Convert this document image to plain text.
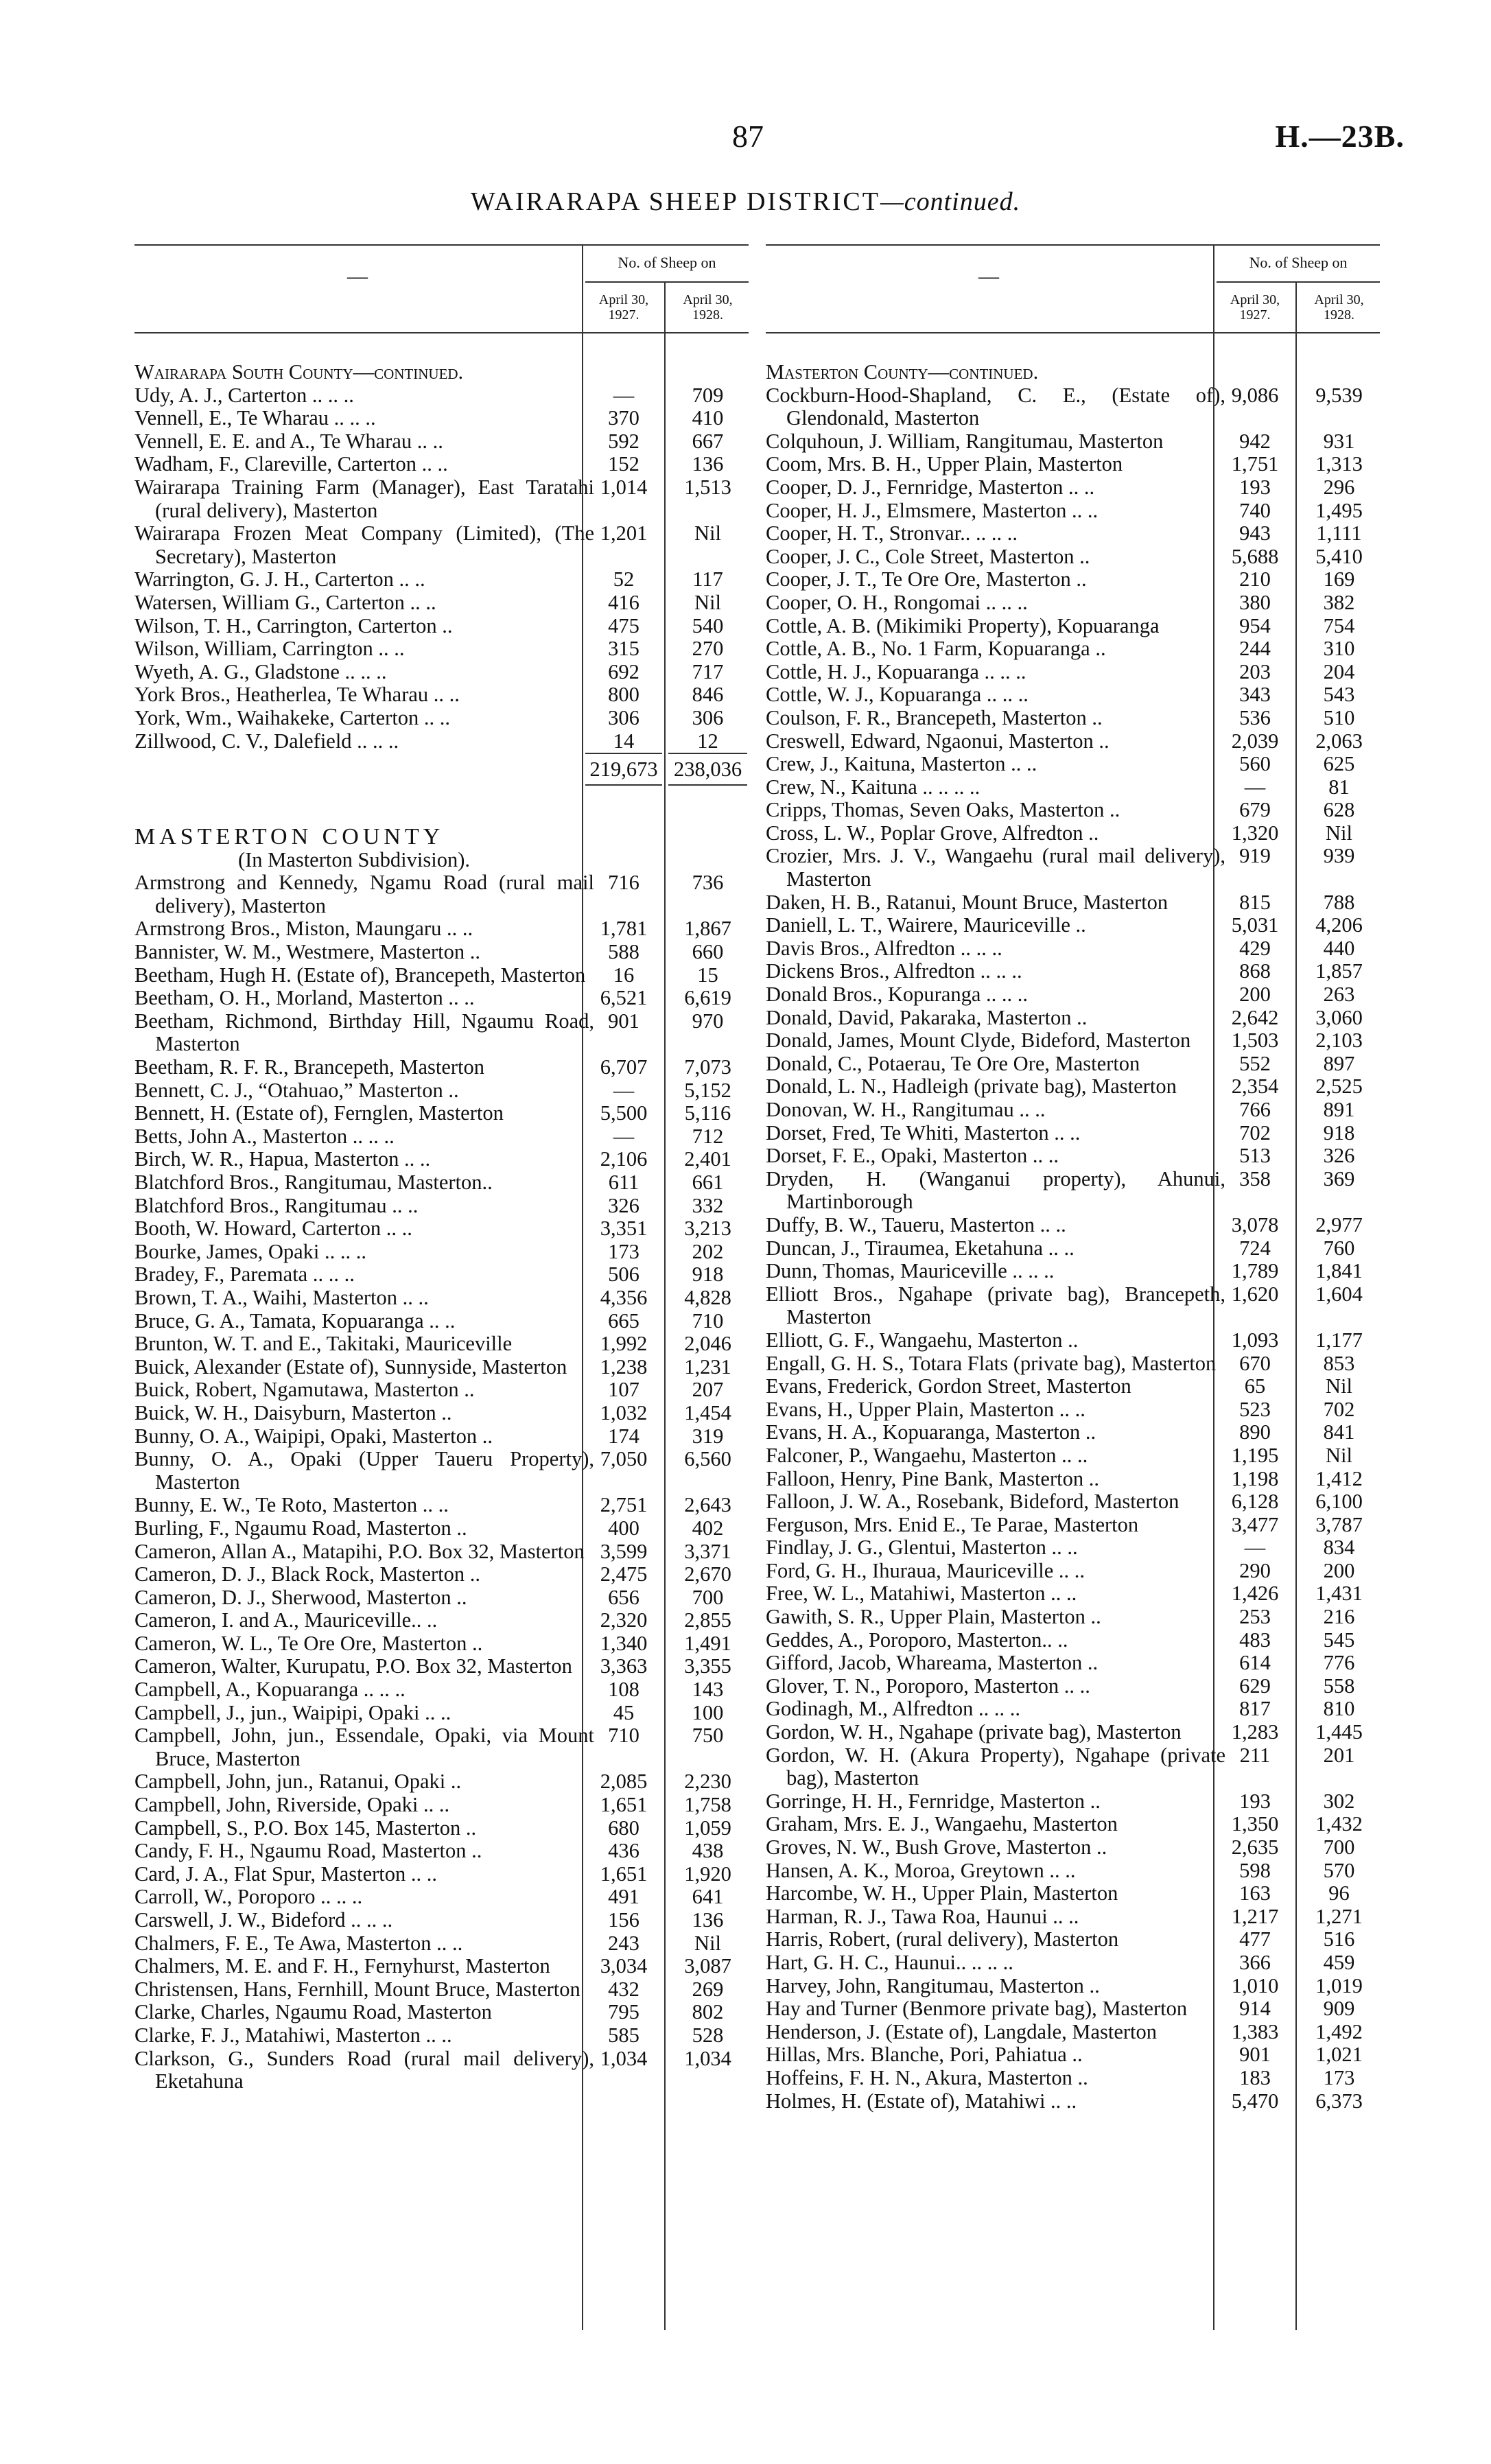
87	H.—23B.
WAIRARAPA SHEEP DISTRICT—continued.
—
No. of Sheep on
April 30, 1927.
April 30, 1928.
Wairarapa South County—continued.
Udy, A. J., Carterton .. .. ..	—	709
Vennell, E., Te Wharau .. .. ..	370	410
Vennell, E. E. and A., Te Wharau .. ..	592	667
Wadham, F., Clareville, Carterton .. ..	152	136
Wairarapa Training Farm (Manager), East Taratahi (rural delivery), Masterton
1,014	1,513
Wairarapa Frozen Meat Company (Limited), (The Secretary), Masterton
1,201	Nil
Warrington, G. J. H., Carterton .. ..	52	117
Watersen, William G., Carterton .. ..	416	Nil
Wilson, T. H., Carrington, Carterton ..	475	540
Wilson, William, Carrington .. ..	315	270
Wyeth, A. G., Gladstone .. .. ..	692	717
York Bros., Heatherlea, Te Wharau .. ..	800	846
York, Wm., Waihakeke, Carterton .. ..	306	306
Zillwood, C. V., Dalefield .. .. ..	14	12
219,673 238,036
MASTERTON COUNTY
(In Masterton Subdivision).
Armstrong and Kennedy, Ngamu Road (rural mail delivery), Masterton
716	736
Armstrong Bros., Miston, Maungaru .. ..	1,781	1,867
Bannister, W. M., Westmere, Masterton ..	588	660
Beetham, Hugh H. (Estate of), Brancepeth, Masterton	16	15
Beetham, O. H., Morland, Masterton .. ..	6,521	6,619
Beetham, Richmond, Birthday Hill, Ngaumu Road, Masterton
901	970
Beetham, R. F. R., Brancepeth, Masterton	6,707	7,073
Bennett, C. J., “Otahuao,” Masterton ..	—	5,152
Bennett, H. (Estate of), Fernglen, Masterton	5,500	5,116
Betts, John A., Masterton .. .. ..	—	712
Birch, W. R., Hapua, Masterton .. ..	2,106	2,401
Blatchford Bros., Rangitumau, Masterton..	611	661
Blatchford Bros., Rangitumau .. ..	326	332
Booth, W. Howard, Carterton .. ..	3,351	3,213
Bourke, James, Opaki .. .. ..	173	202
Bradey, F., Paremata .. .. ..	506	918
Brown, T. A., Waihi, Masterton .. ..	4,356	4,828
Bruce, G. A., Tamata, Kopuaranga .. ..	665	710
Brunton, W. T. and E., Takitaki, Mauriceville	1,992	2,046
Buick, Alexander (Estate of), Sunnyside, Masterton	1,238	1,231
Buick, Robert, Ngamutawa, Masterton ..	107	207
Buick, W. H., Daisyburn, Masterton ..	1,032	1,454
Bunny, O. A., Waipipi, Opaki, Masterton ..	174	319
Bunny, O. A., Opaki (Upper Taueru Property), Masterton
7,050	6,560
Bunny, E. W., Te Roto, Masterton .. ..	2,751	2,643
Burling, F., Ngaumu Road, Masterton ..	400	402
Cameron, Allan A., Matapihi, P.O. Box 32, Masterton 3,599	3,371
Cameron, D. J., Black Rock, Masterton ..	2,475	2,670
Cameron, D. J., Sherwood, Masterton ..	656	700
Cameron, I. and A., Mauriceville.. ..	2,320	2,855
Cameron, W. L., Te Ore Ore, Masterton ..	1,340	1,491
Cameron, Walter, Kurupatu, P.O. Box 32, Masterton	3,363	3,355
Campbell, A., Kopuaranga .. .. ..	108	143
Campbell, J., jun., Waipipi, Opaki .. ..	45	100
Campbell, John, jun., Essendale, Opaki, via Mount Bruce, Masterton
710	750
Campbell, John, jun., Ratanui, Opaki ..	2,085	2,230
Campbell, John, Riverside, Opaki .. ..	1,651	1,758
Campbell, S., P.O. Box 145, Masterton ..	680	1,059
Candy, F. H., Ngaumu Road, Masterton ..	436	438
Card, J. A., Flat Spur, Masterton .. ..	1,651	1,920
Carroll, W., Poroporo .. .. ..	491	641
Carswell, J. W., Bideford .. .. ..	156	136
Chalmers, F. E., Te Awa, Masterton .. ..	243	Nil
Chalmers, M. E. and F. H., Fernyhurst, Masterton	3,034	3,087
Christensen, Hans, Fernhill, Mount Bruce, Masterton	432	269
Clarke, Charles, Ngaumu Road, Masterton	795	802
Clarke, F. J., Matahiwi, Masterton .. ..	585	528
Clarkson, G., Sunders Road (rural mail delivery), Eketahuna
1,034	1,034
—
No. of Sheep on
April 30, 1927.
April 30, 1928.
Masterton County—continued.
Cockburn-Hood-Shapland, C. E., (Estate of), Glendonald, Masterton
9,086	9,539
Colquhoun, J. William, Rangitumau, Masterton	942	931
Coom, Mrs. B. H., Upper Plain, Masterton	1,751	1,313
Cooper, D. J., Fernridge, Masterton .. ..	193	296
Cooper, H. J., Elmsmere, Masterton .. ..	740	1,495
Cooper, H. T., Stronvar.. .. .. ..	943	1,111
Cooper, J. C., Cole Street, Masterton ..	5,688	5,410
Cooper, J. T., Te Ore Ore, Masterton ..	210	169
Cooper, O. H., Rongomai .. .. ..	380	382
Cottle, A. B. (Mikimiki Property), Kopuaranga	954	754
Cottle, A. B., No. 1 Farm, Kopuaranga ..	244	310
Cottle, H. J., Kopuaranga .. .. ..	203	204
Cottle, W. J., Kopuaranga .. .. ..	343	543
Coulson, F. R., Brancepeth, Masterton ..	536	510
Creswell, Edward, Ngaonui, Masterton ..	2,039	2,063
Crew, J., Kaituna, Masterton .. ..	560	625
Crew, N., Kaituna .. .. .. ..	—	81
Cripps, Thomas, Seven Oaks, Masterton ..	679	628
Cross, L. W., Poplar Grove, Alfredton ..	1,320	Nil
Crozier, Mrs. J. V., Wangaehu (rural mail delivery), Masterton
919	939
Daken, H. B., Ratanui, Mount Bruce, Masterton	815	788
Daniell, L. T., Wairere, Mauriceville ..	5,031	4,206
Davis Bros., Alfredton .. .. ..	429	440
Dickens Bros., Alfredton .. .. ..	868	1,857
Donald Bros., Kopuranga .. .. ..	200	263
Donald, David, Pakaraka, Masterton ..	2,642	3,060
Donald, James, Mount Clyde, Bideford, Masterton	1,503	2,103
Donald, C., Potaerau, Te Ore Ore, Masterton	552	897
Donald, L. N., Hadleigh (private bag), Masterton	2,354	2,525
Donovan, W. H., Rangitumau .. ..	766	891
Dorset, Fred, Te Whiti, Masterton .. ..	702	918
Dorset, F. E., Opaki, Masterton .. ..	513	326
Dryden, H. (Wanganui property), Ahunui, Martinborough
358	369
Duffy, B. W., Taueru, Masterton .. ..	3,078	2,977
Duncan, J., Tiraumea, Eketahuna .. ..	724	760
Dunn, Thomas, Mauriceville .. .. ..	1,789	1,841
Elliott Bros., Ngahape (private bag), Brancepeth, Masterton
1,620	1,604
Elliott, G. F., Wangaehu, Masterton ..	1,093	1,177
Engall, G. H. S., Totara Flats (private bag), Masterton	670	853
Evans, Frederick, Gordon Street, Masterton	65	Nil
Evans, H., Upper Plain, Masterton .. ..	523	702
Evans, H. A., Kopuaranga, Masterton ..	890	841
Falconer, P., Wangaehu, Masterton .. ..	1,195	Nil
Falloon, Henry, Pine Bank, Masterton ..	1,198	1,412
Falloon, J. W. A., Rosebank, Bideford, Masterton	6,128	6,100
Ferguson, Mrs. Enid E., Te Parae, Masterton	3,477	3,787
Findlay, J. G., Glentui, Masterton .. ..	—	834
Ford, G. H., Ihuraua, Mauriceville .. ..	290	200
Free, W. L., Matahiwi, Masterton .. ..	1,426	1,431
Gawith, S. R., Upper Plain, Masterton ..	253	216
Geddes, A., Poroporo, Masterton.. ..	483	545
Gifford, Jacob, Whareama, Masterton ..	614	776
Glover, T. N., Poroporo, Masterton .. ..	629	558
Godinagh, M., Alfredton .. .. ..	817	810
Gordon, W. H., Ngahape (private bag), Masterton	1,283	1,445
Gordon, W. H. (Akura Property), Ngahape (private bag), Masterton
211	201
Gorringe, H. H., Fernridge, Masterton ..	193	302
Graham, Mrs. E. J., Wangaehu, Masterton	1,350	1,432
Groves, N. W., Bush Grove, Masterton ..	2,635	700
Hansen, A. K., Moroa, Greytown .. ..	598	570
Harcombe, W. H., Upper Plain, Masterton	163	96
Harman, R. J., Tawa Roa, Haunui .. ..	1,217	1,271
Harris, Robert, (rural delivery), Masterton	477	516
Hart, G. H. C., Haunui.. .. .. ..	366	459
Harvey, John, Rangitumau, Masterton ..	1,010	1,019
Hay and Turner (Benmore private bag), Masterton	914	909
Henderson, J. (Estate of), Langdale, Masterton	1,383	1,492
Hillas, Mrs. Blanche, Pori, Pahiatua ..	901	1,021
Hoffeins, F. H. N., Akura, Masterton ..	183	173
Holmes, H. (Estate of), Matahiwi .. ..	5,470	6,373
